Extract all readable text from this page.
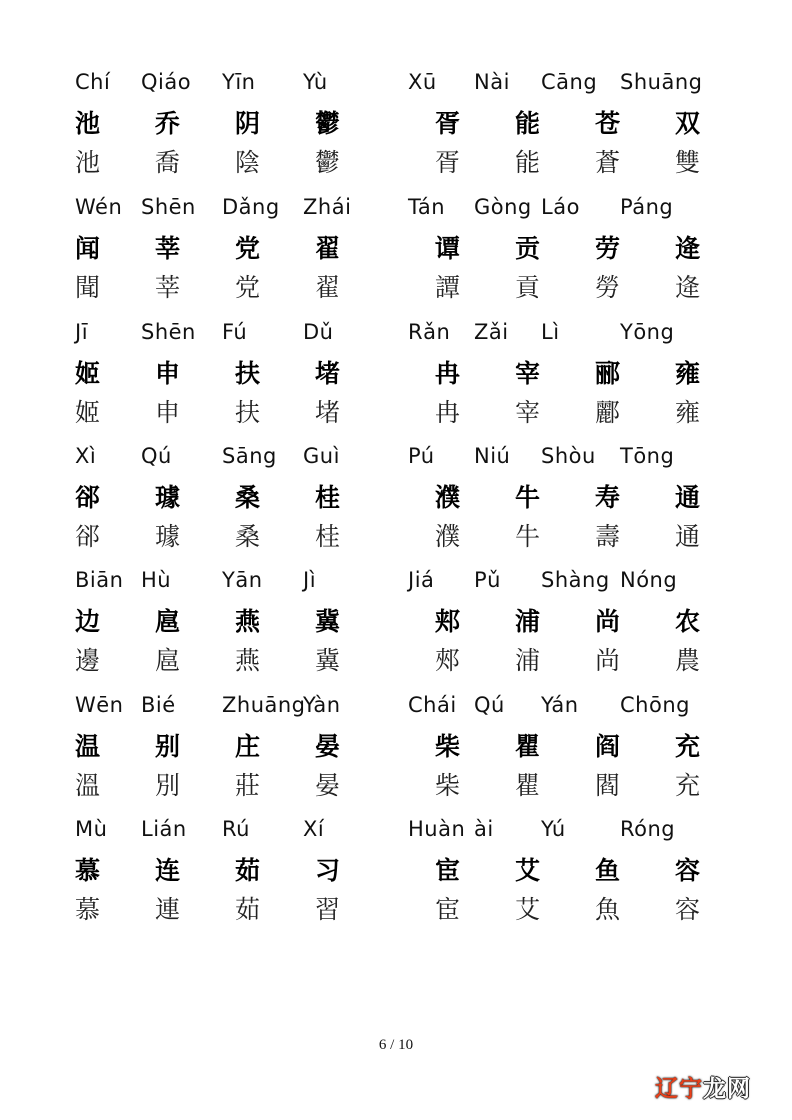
Chí
池
池
Qiáo
乔
喬
Yīn
阴
陰
Yù
鬱
鬱
Xū
胥
胥
Nài
能
能
Cāng
苍
蒼
Shuāng
双
雙
Wén
闻
聞
Shēn
莘
莘
Dǎng
党
党
Zhái
翟
翟
Tán
谭
譚
Gòng
贡
貢
Láo
劳
勞
Páng
逄
逄
Jī
姬
姬
Shēn
申
申
Fú
扶
扶
Dǔ
堵
堵
Rǎn
冉
冉
Zǎi
宰
宰
Lì
郦
酈
Yōng
雍
雍
Xì
郤
郤
Qú
璩
璩
Sāng
桑
桑
Guì
桂
桂
Pú
濮
濮
Niú
牛
牛
Shòu
寿
壽
Tōng
通
通
Biān
边
邊
Hù
扈
扈
Yān
燕
燕
Jì
冀
冀
Jiá
郏
郟
Pǔ
浦
浦
Shàng
尚
尚
Nóng
农
農
Wēn
温
溫
Bié
别
別
Zhuāng
庄
莊
Yàn
晏
晏
Chái
柴
柴
Qú
瞿
瞿
Yán
阎
閻
Chōng
充
充
Mù
慕
慕
Lián
连
連
Rú
茹
茹
Xí
习
習
Huàn
宦
宦
ài
艾
艾
Yú
鱼
魚
Róng
容
容
6 / 10
辽宁龙网
